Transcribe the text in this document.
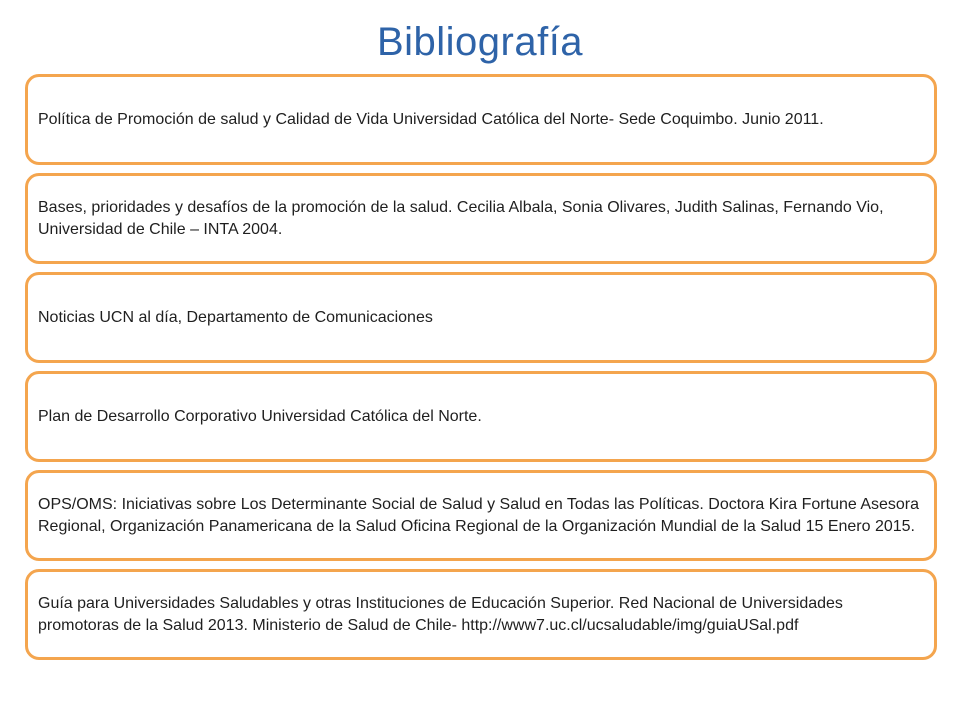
Bibliografía
Política de Promoción de salud y Calidad de Vida Universidad Católica del Norte- Sede Coquimbo. Junio 2011.
Bases, prioridades y desafíos de la promoción de la salud. Cecilia Albala, Sonia Olivares, Judith Salinas, Fernando Vio, Universidad de Chile – INTA 2004.
Noticias UCN al día, Departamento de Comunicaciones
Plan de Desarrollo Corporativo Universidad Católica del Norte.
OPS/OMS: Iniciativas sobre Los Determinante Social de Salud y Salud en Todas las Políticas. Doctora Kira Fortune Asesora Regional, Organización Panamericana de la Salud Oficina Regional de la Organización Mundial de la Salud 15 Enero 2015.
Guía para Universidades Saludables y otras Instituciones de Educación Superior. Red Nacional de Universidades promotoras de la Salud 2013. Ministerio de Salud de Chile- http://www7.uc.cl/ucsaludable/img/guiaUSal.pdf
